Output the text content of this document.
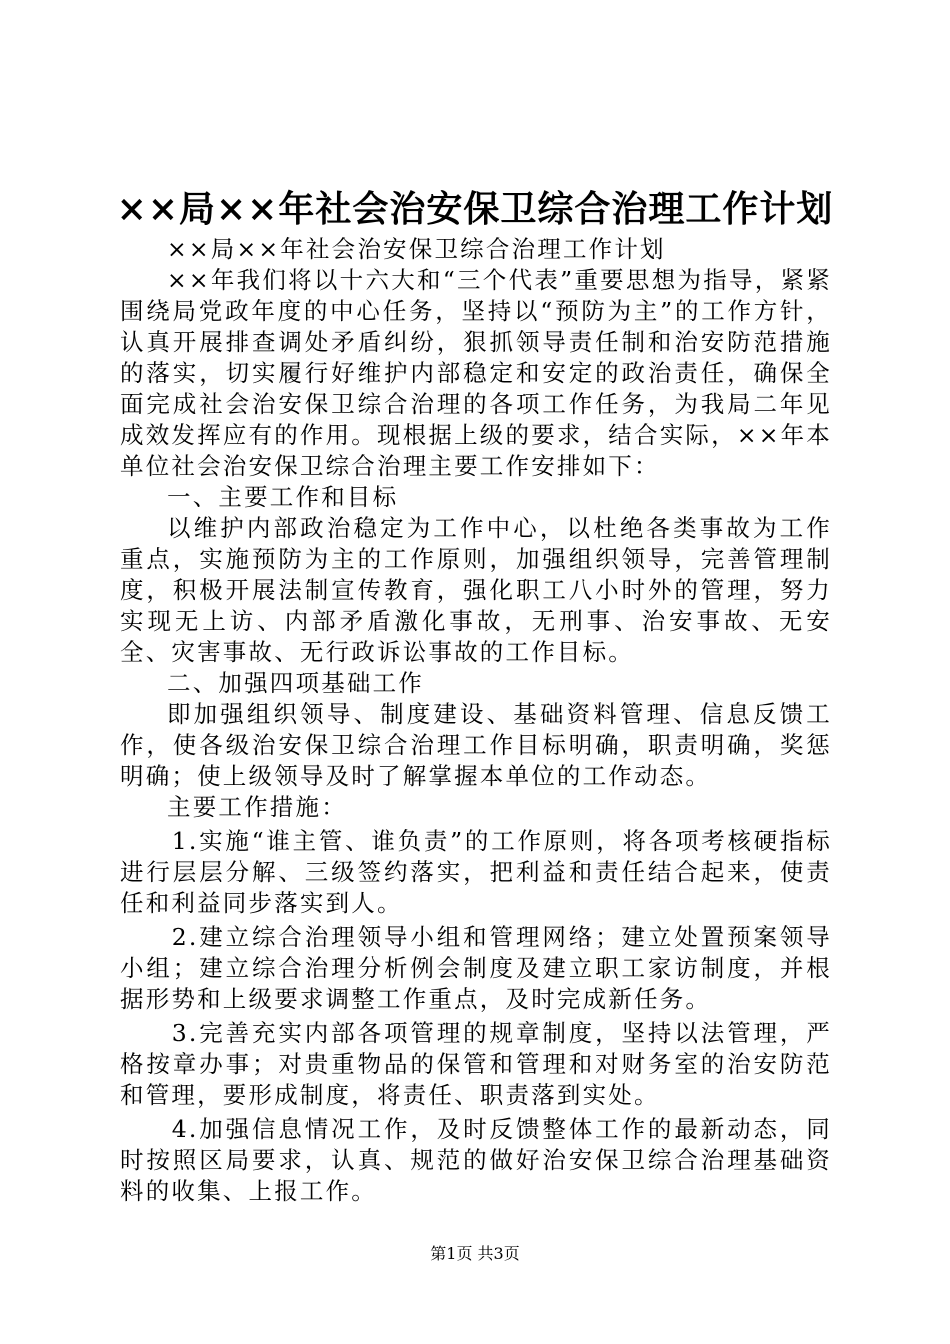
××局××年社会治安保卫综合治理工作计划

××局××年社会治安保卫综合治理工作计划

××年我们将以十六大和“三个代表”重要思想为指导，紧紧围绕局党政年度的中心任务，坚持以“预防为主”的工作方针，认真开展排查调处矛盾纠纷，狠抓领导责任制和治安防范措施的落实，切实履行好维护内部稳定和安定的政治责任，确保全面完成社会治安保卫综合治理的各项工作任务，为我局二年见成效发挥应有的作用。现根据上级的要求，结合实际，××年本单位社会治安保卫综合治理主要工作安排如下：

一、主要工作和目标

以维护内部政治稳定为工作中心，以杜绝各类事故为工作重点，实施预防为主的工作原则，加强组织领导，完善管理制度，积极开展法制宣传教育，强化职工八小时外的管理，努力实现无上访、内部矛盾激化事故，无刑事、治安事故、无安全、灾害事故、无行政诉讼事故的工作目标。

二、加强四项基础工作

即加强组织领导、制度建设、基础资料管理、信息反馈工作，使各级治安保卫综合治理工作目标明确，职责明确，奖惩明确；使上级领导及时了解掌握本单位的工作动态。

主要工作措施：

1.实施“谁主管、谁负责”的工作原则，将各项考核硬指标进行层层分解、三级签约落实，把利益和责任结合起来，使责任和利益同步落实到人。

2.建立综合治理领导小组和管理网络；建立处置预案领导小组；建立综合治理分析例会制度及建立职工家访制度，并根据形势和上级要求调整工作重点，及时完成新任务。

3.完善充实内部各项管理的规章制度，坚持以法管理，严格按章办事；对贵重物品的保管和管理和对财务室的治安防范和管理，要形成制度，将责任、职责落到实处。

4.加强信息情况工作，及时反馈整体工作的最新动态，同时按照区局要求，认真、规范的做好治安保卫综合治理基础资料的收集、上报工作。

第1页 共3页
